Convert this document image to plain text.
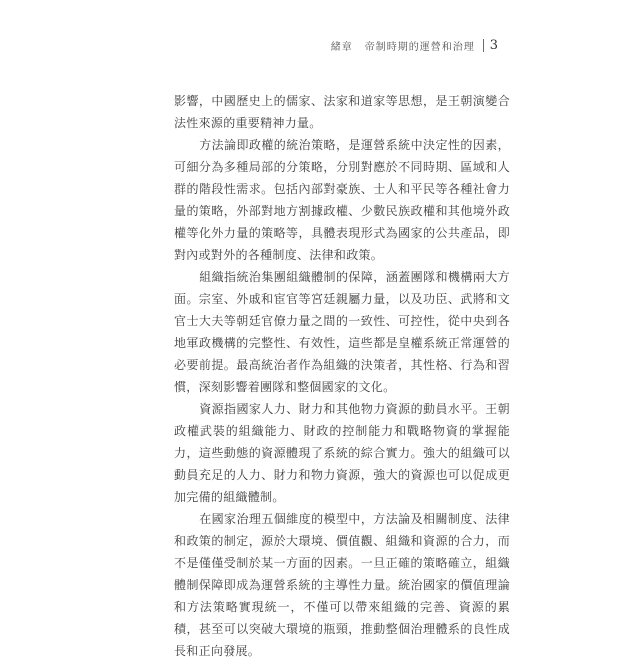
緒章 帝制時期的運營和治理 3

影響，中國歷史上的儒家、法家和道家等思想，是王朝演變合法性來源的重要精神力量。

方法論即政權的統治策略，是運營系統中決定性的因素，可細分為多種局部的分策略，分別對應於不同時期、區域和人群的階段性需求。包括內部對豪族、士人和平民等各種社會力量的策略，外部對地方割據政權、少數民族政權和其他境外政權等化外力量的策略等，具體表現形式為國家的公共產品，即對內或對外的各種制度、法律和政策。

組織指統治集團組織體制的保障，涵蓋團隊和機構兩大方面。宗室、外戚和宦官等宮廷親屬力量，以及功臣、武將和文官士大夫等朝廷官僚力量之間的一致性、可控性，從中央到各地軍政機構的完整性、有效性，這些都是皇權系統正常運營的必要前提。最高統治者作為組織的決策者，其性格、行為和習慣，深刻影響着團隊和整個國家的文化。

資源指國家人力、財力和其他物力資源的動員水平。王朝政權武裝的組織能力、財政的控制能力和戰略物資的掌握能力，這些動態的資源體現了系統的綜合實力。強大的組織可以動員充足的人力、財力和物力資源，強大的資源也可以促成更加完備的組織體制。

在國家治理五個維度的模型中，方法論及相關制度、法律和政策的制定，源於大環境、價值觀、組織和資源的合力，而不是僅僅受制於某一方面的因素。一旦正確的策略確立，組織體制保障即成為運營系統的主導性力量。統治國家的價值理論和方法策略實現統一，不僅可以帶來組織的完善、資源的累積，甚至可以突破大環境的瓶頸，推動整個治理體系的良性成長和正向發展。
